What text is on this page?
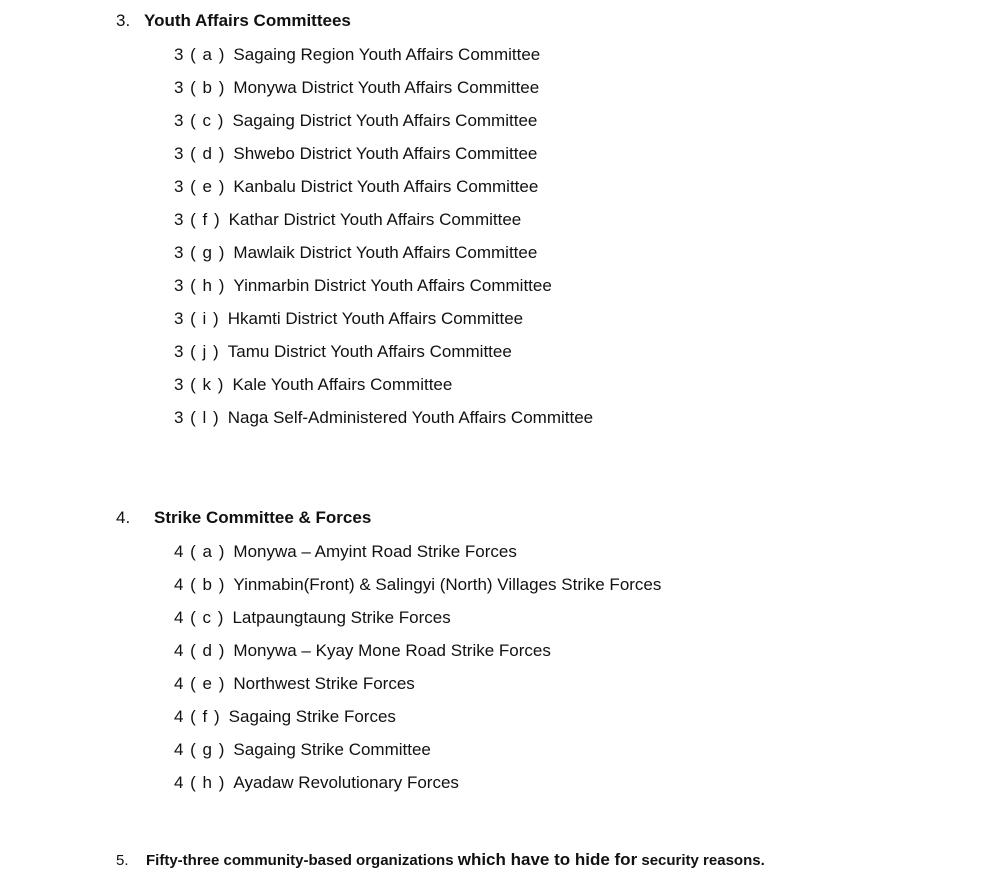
3. Youth Affairs Committees
3 ( a ) Sagaing Region Youth Affairs Committee
3 ( b ) Monywa District Youth Affairs Committee
3 ( c ) Sagaing District Youth Affairs Committee
3 ( d ) Shwebo District Youth Affairs Committee
3 ( e ) Kanbalu District Youth Affairs Committee
3 ( f ) Kathar District Youth Affairs Committee
3 ( g ) Mawlaik District Youth Affairs Committee
3 ( h ) Yinmarbin District Youth Affairs Committee
3 ( i ) Hkamti District Youth Affairs Committee
3 ( j ) Tamu District Youth Affairs Committee
3 ( k ) Kale Youth Affairs Committee
3 ( l ) Naga Self-Administered Youth Affairs Committee
4. Strike Committee & Forces
4 ( a ) Monywa – Amyint Road Strike Forces
4 ( b ) Yinmabin(Front) & Salingyi (North) Villages Strike Forces
4 ( c ) Latpaungtaung Strike Forces
4 ( d ) Monywa – Kyay Mone Road Strike Forces
4 ( e ) Northwest Strike Forces
4 ( f ) Sagaing Strike Forces
4 ( g ) Sagaing Strike Committee
4 ( h ) Ayadaw Revolutionary Forces
5. Fifty-three community-based organizations which have to hide for security reasons.
